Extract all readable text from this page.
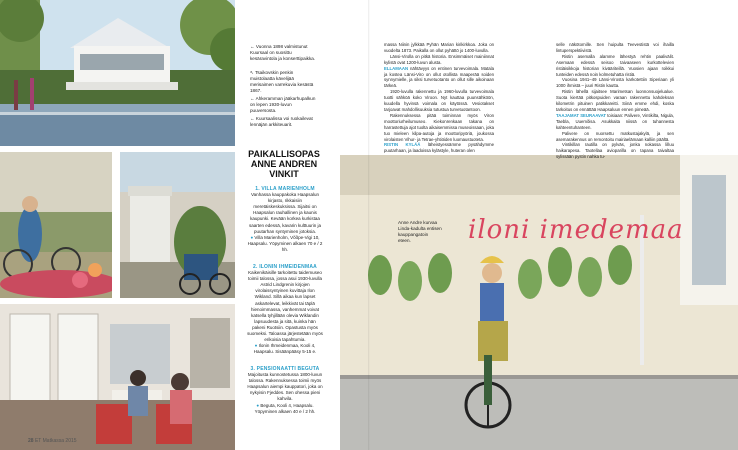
← Vuonna 1898 valmistunut Kuursaal on suosittu kesäravintola ja konserttipaikka.
↖ Tsaikovskin penkin muistolaatta kävelijää merisaimen varrekuvia kesästä 1867.
← Ahkeramman jääkarhupalkun on lepen 1930-luvun puuversosta.
← Kuursaalissa voi ruokailevat lennäjän arkkiteuarit.
PAIKALLISOPAS
ANNE ANDREN
VINKIT

1. VILLA MARIENHOLM

Vanhassa kauppakoka Haapsalun kirjasto, rikkaisiin meretäiskeskuksissa. Sijaitsi on Haapsalun rauhallinen ja kaunis kaupunki. Kevään korkea kurkistaa saarten edessä, kavarin kulttuurin ja puutarhan syntyminen jotoksia.

● Villa Marienholm, Võõpe-Vigi 10, Haapsalu. Yöpyminen alkaen 70 e / 2 hh.

2. ILONIN IHMEIDENMAA

Kaikenikäisille tarkoitettu taidemuseo toimii talossa, jossa asui 1930-luvulla Astrid Lindgrenin kirjojen virolaissyntyinen kuvittaja Ilon Wikland. Sillä aikaa kun lapset askartelevat, leikkivät tai täplä hienoimmassa, vanhemmat voivat katsella tyhjillään olevia Wiklandin lapsuudesta ja sitä, kuinka hän pakeni Ruotsiin. Opastusta myös suomeksi. Taloassa järjestetään myös erikoisia tapahtumia.

● Ilonin Ihmeidenmaa, Kooli 4, Haapsalu. Sisäänpääsy 5-15 e.

3. PENSIONAATTI BEGUTA

Majoitusta kunnostetussa 1800-luvun talossa. Rakennuksessa toimii myös Haapsalun aiempi kauppatori, joka on nykyisin Fjeddes. Sen ohessa pieni kahvila.

● Beguta, Kooli 4, Haapsalu. Yöpyminen alkaen 40 e / 2 hh.

28 ET Matkassa 2015
iloni imedemaa
Anne Andre kurvaa Linda-kadulta entisen kauppangatoin eteen.

massa Niinin jylkkää Pyhän Marian kirikirkkoa. Joka on vuodelta 1873. Paikalla on ollut pyhättö jo 1400-luvulla.

Länsi-Virolla on pitkä historia. Ensimmäiset mainiinnat kylistä ovat 1200-luvun alusta.

ELLAMAAN nähtävyys on entinen turvevoimala. Matala ja kostea Länsi-Viro on ollut otollista maaperää soiden synnymielle, ja siksi turvetuotanto on ollut sille aikoinaan tärkeä.

1920-luvulla rakennettu ja 1960-luvulla turvevoimala tuotti sähköä koko Viroon. Nyt kauttaa puunsähköön, kuudella hyvinsä voimala on käytössä. Vesiotakset tarjoavat mahdollisuuksia tutustua turvetuotantoon.

Rakennuksessa pitää toiminnan myös Viron moottoriurheilumuseo. Kiekonrenkaan takana on harrastettuja ajot tuolta aikaisemmissa museoissaan, joka tuo mieleen kilpa-autoja ja moottoripyöriä, joukossa virolaisten Vihur- ja Tetrae-yhtiöiden luomaustuoteta.

RISTIN KYLÄÄ läheistyessämme pysähdymme puutarhaan, ja laadoissa kylästyle, huteran olen

selle näkötornille. Sen huipulta Teevestistä voi ihailla lintuperspektiivistä.

Ristin asemalla alamme lähestyä rehtin paalivälit. Asemaan edessä seisoo taivaaseen kurkottelevien ristiäisikkoja historian kivääriteillä. Vuosien ajaan roikkui tunteiden edessä noin kolmetuhatta ristiä.

Vuosina 1941–49 Länsi-Virosta karkotettiin Siperiaan yli 1000 ihmistä – juuri Ristin kautta.

Ristin lähellä sijaitsee Marimetsan luonnonsuojelualue. Suota kiertää pitkospuiden varaan rakennettu kahdeksan kilometrin pituinen patikkareitti. Siinä emme ehdi, koska tarkoitus on ennättää Haapsaluun ennen pimeää.

TAAJAMAT SEURAAVAT toisiaan: Palivere, Vintikilta, Nigula, Taebla, Uuemõisa. Asukkaita niissä on tuhannesta kahteentuhanteen.

Palivere on nuorsettu matkustajakylä, ja sen asemarakennus on remontoitu mairiaelämaan kalliin päältä.

Vintikillan rautilla on pylväs, jonka nokassa lilluu haikarapesa. Taotellaa avioparilla on tapana taivaltaa sylissään pystin nahka tu-
